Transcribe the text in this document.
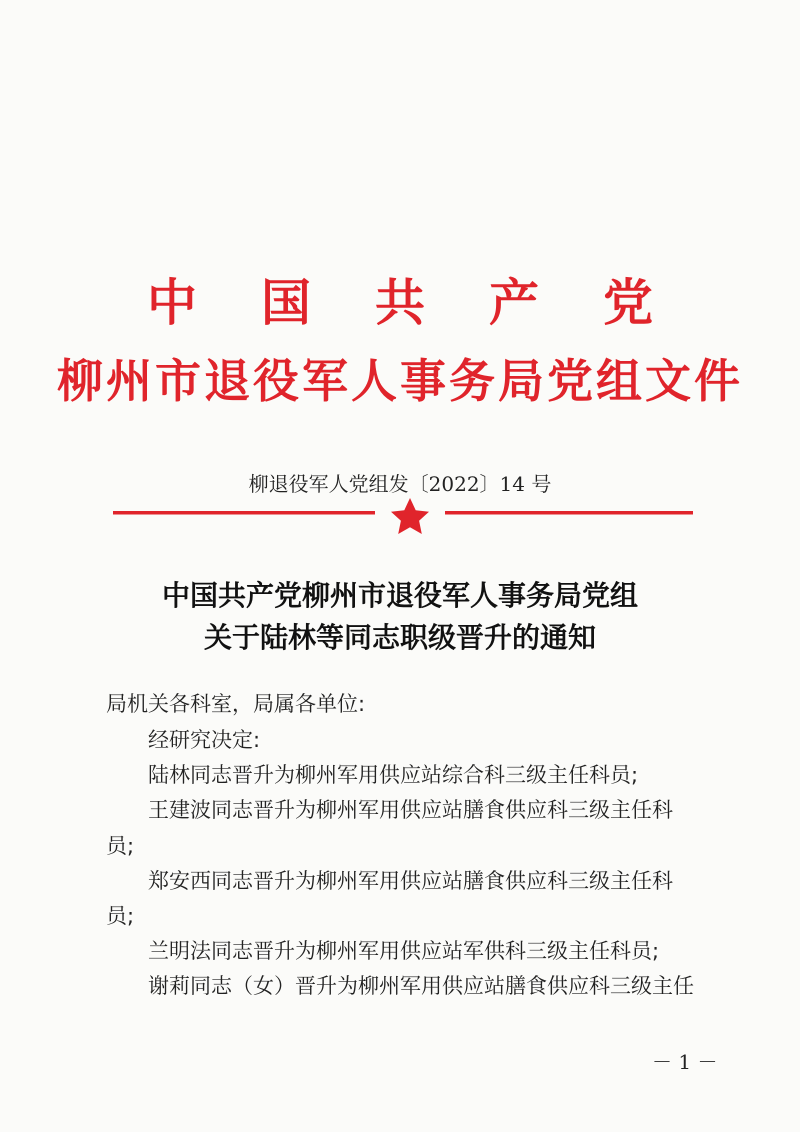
中国共产党
柳州市退役军人事务局党组文件
柳退役军人党组发〔2022〕14 号
中国共产党柳州市退役军人事务局党组
关于陆林等同志职级晋升的通知
局机关各科室，局属各单位:
经研究决定:
陆林同志晋升为柳州军用供应站综合科三级主任科员;
王建波同志晋升为柳州军用供应站膳食供应科三级主任科
员;
郑安西同志晋升为柳州军用供应站膳食供应科三级主任科
员;
兰明法同志晋升为柳州军用供应站军供科三级主任科员;
谢莉同志（女）晋升为柳州军用供应站膳食供应科三级主任
－ 1 －
